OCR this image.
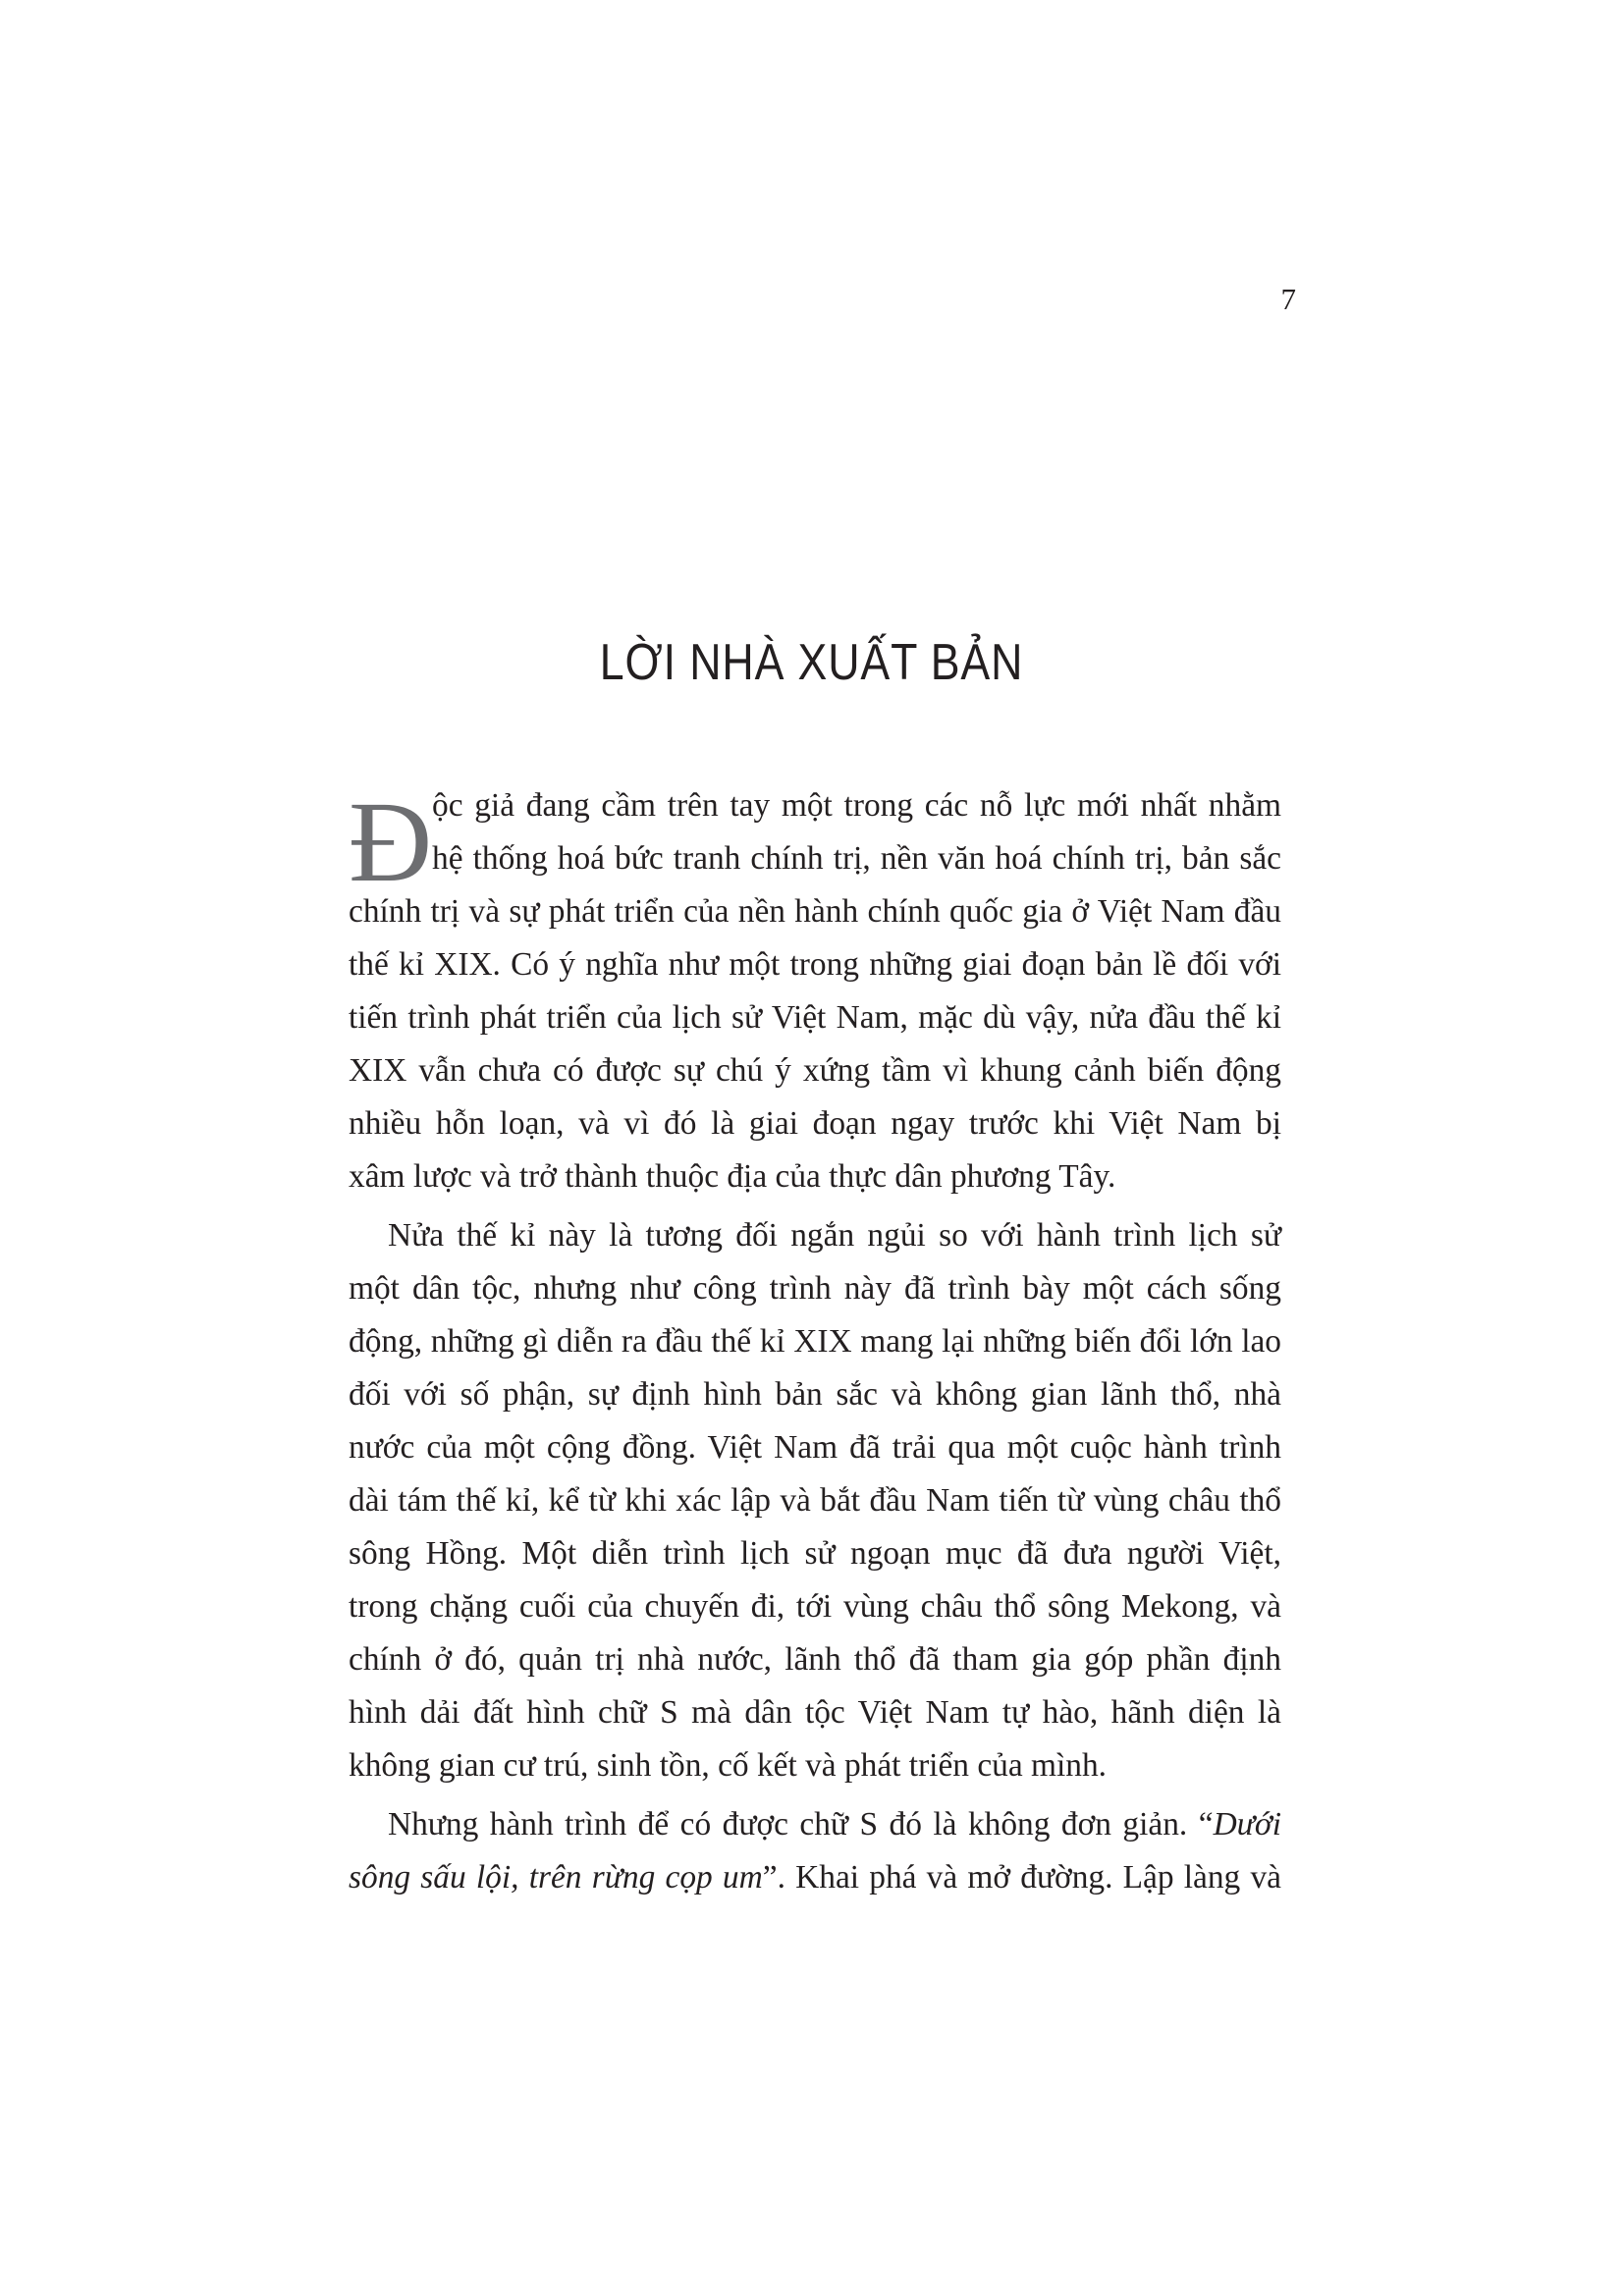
7
LỜI NHÀ XUẤT BẢN
Đ ộc giả đang cầm trên tay một trong các nỗ lực mới nhất nhằm
hệ thống hoá bức tranh chính trị, nền văn hoá chính trị, bản sắc
chính trị và sự phát triển của nền hành chính quốc gia ở Việt Nam đầu
thế kỉ XIX. Có ý nghĩa như một trong những giai đoạn bản lề đối với
tiến trình phát triển của lịch sử Việt Nam, mặc dù vậy, nửa đầu thế kỉ
XIX vẫn chưa có được sự chú ý xứng tầm vì khung cảnh biến động
nhiều hỗn loạn, và vì đó là giai đoạn ngay trước khi Việt Nam bị
xâm lược và trở thành thuộc địa của thực dân phương Tây.
Nửa thế kỉ này là tương đối ngắn ngủi so với hành trình lịch sử
một dân tộc, nhưng như công trình này đã trình bày một cách sống
động, những gì diễn ra đầu thế kỉ XIX mang lại những biến đổi lớn lao
đối với số phận, sự định hình bản sắc và không gian lãnh thổ, nhà
nước của một cộng đồng. Việt Nam đã trải qua một cuộc hành trình
dài tám thế kỉ, kể từ khi xác lập và bắt đầu Nam tiến từ vùng châu thổ
sông Hồng. Một diễn trình lịch sử ngoạn mục đã đưa người Việt,
trong chặng cuối của chuyến đi, tới vùng châu thổ sông Mekong, và
chính ở đó, quản trị nhà nước, lãnh thổ đã tham gia góp phần định
hình dải đất hình chữ S mà dân tộc Việt Nam tự hào, hãnh diện là
không gian cư trú, sinh tồn, cố kết và phát triển của mình.
Nhưng hành trình để có được chữ S đó là không đơn giản. “Dưới
sông sấu lội, trên rừng cọp um”. Khai phá và mở đường. Lập làng và
